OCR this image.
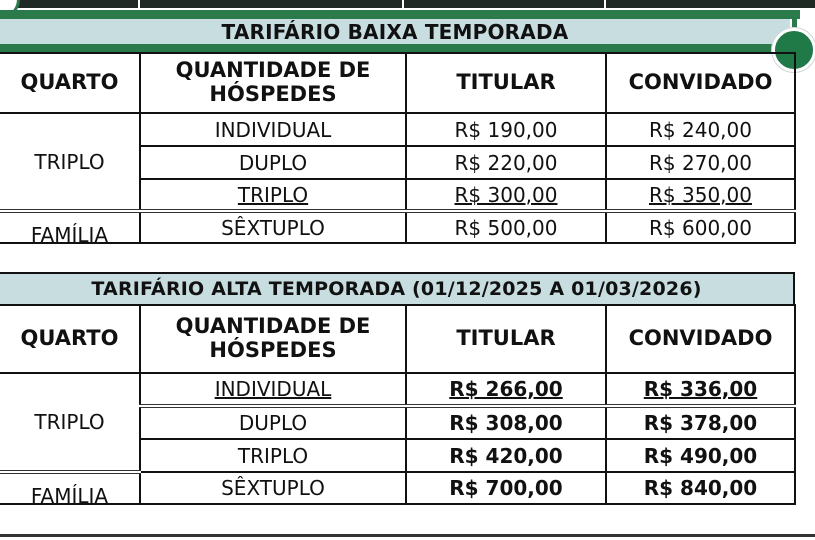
TARIFÁRIO BAIXA TEMPORADA
QUARTO	QUANTIDADE DE HÓSPEDES	TITULAR	CONVIDADO
TRIPLO	INDIVIDUAL	R$ 190,00	R$ 240,00
	DUPLO	R$ 220,00	R$ 270,00
	TRIPLO	R$ 300,00	R$ 350,00
FAMÍLIA	SÊXTUPLO	R$ 500,00	R$ 600,00
TARIFÁRIO ALTA TEMPORADA (01/12/2025 A 01/03/2026)
QUARTO	QUANTIDADE DE HÓSPEDES	TITULAR	CONVIDADO
TRIPLO	INDIVIDUAL	R$ 266,00	R$ 336,00
	DUPLO	R$ 308,00	R$ 378,00
	TRIPLO	R$ 420,00	R$ 490,00
FAMÍLIA	SÊXTUPLO	R$ 700,00	R$ 840,00
